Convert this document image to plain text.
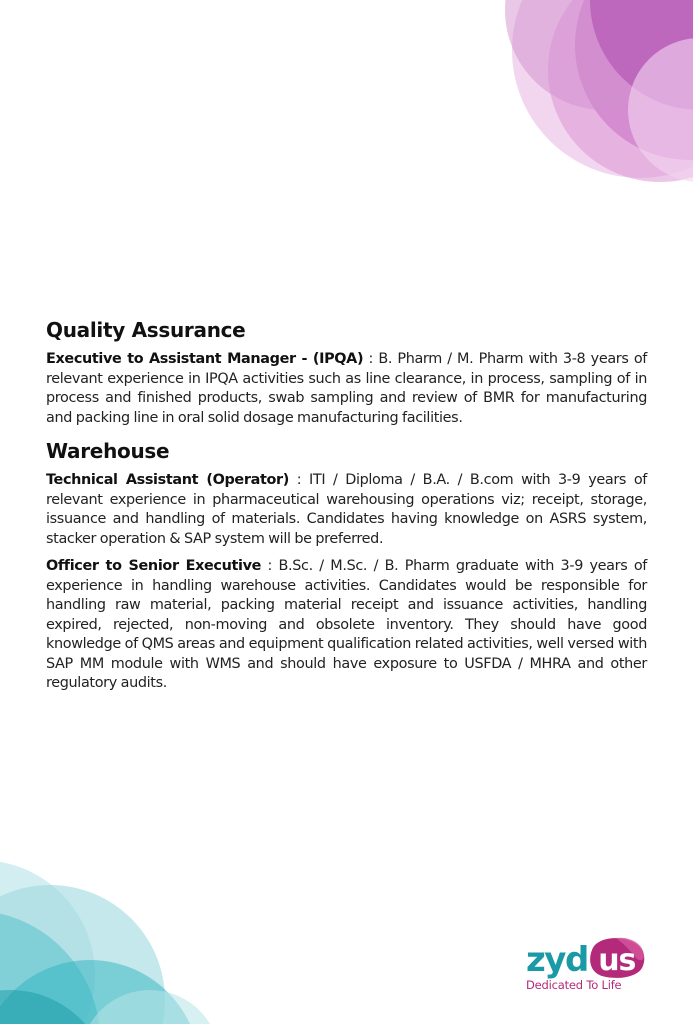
Quality Assurance

Executive to Assistant Manager - (IPQA) : B. Pharm / M. Pharm with 3-8 years of relevant experience in IPQA activities such as line clearance, in process, sampling of in process and finished products, swab sampling and review of BMR for manufacturing and packing line in oral solid dosage manufacturing facilities.

Warehouse

Technical Assistant (Operator) : ITI / Diploma / B.A. / B.com with 3-9 years of relevant experience in pharmaceutical warehousing operations viz; receipt, storage, issuance and handling of materials. Candidates having knowledge on ASRS system, stacker operation & SAP system will be preferred.

Officer to Senior Executive : B.Sc. / M.Sc. / B. Pharm graduate with 3-9 years of experience in handling warehouse activities. Candidates would be responsible for handling raw material, packing material receipt and issuance activities, handling expired, rejected, non-moving and obsolete inventory. They should have good knowledge of QMS areas and equipment qualification related activities, well versed with SAP MM module with WMS and should have exposure to USFDA / MHRA and other regulatory audits.

zyd us
Dedicated To Life
